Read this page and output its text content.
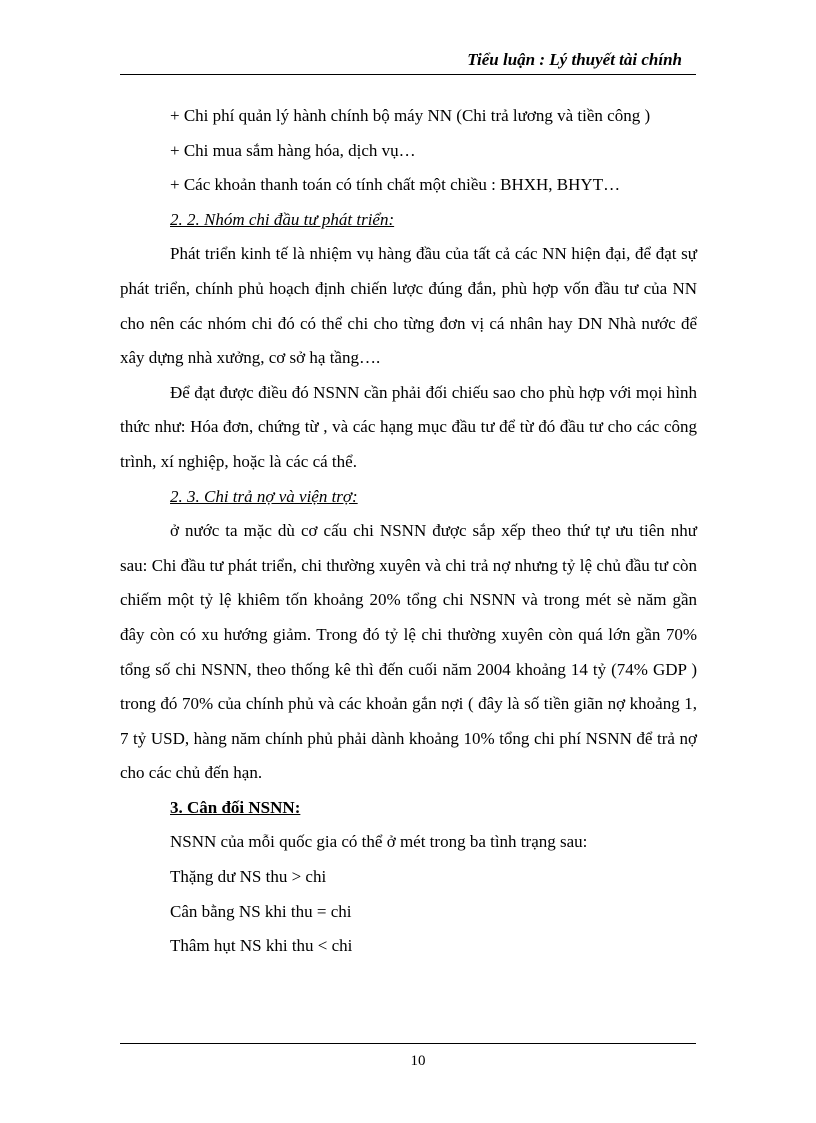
Tiểu luận : Lý thuyết tài chính

+ Chi phí quản lý hành chính bộ máy NN (Chi trả lương và tiền công )

+ Chi mua sắm hàng hóa, dịch vụ…

+ Các khoản thanh toán có tính chất một chiều : BHXH, BHYT…

2. 2. Nhóm chi đầu tư phát triển:

Phát triển kinh tế là nhiệm vụ hàng đầu của tất cả các NN hiện đại, để đạt sự phát triển, chính phủ hoạch định chiến lược đúng đắn, phù hợp vốn đầu tư của NN cho nên các nhóm chi đó có thể chi cho từng đơn vị cá nhân hay DN Nhà nước để xây dựng nhà xưởng, cơ sở hạ tầng….

Để đạt được điều đó NSNN cần phải đối chiếu sao cho phù hợp với mọi hình thức như: Hóa đơn, chứng từ , và các hạng mục đầu tư để từ đó đầu tư cho các công trình, xí nghiệp, hoặc là các cá thể.

2. 3. Chi trả nợ và viện trợ:

ở nước ta mặc dù cơ cấu chi NSNN được sắp xếp theo thứ tự ưu tiên như sau: Chi đầu tư phát triển, chi thường xuyên và chi trả nợ nhưng tỷ lệ chủ đầu tư còn chiếm một tỷ lệ khiêm tốn khoảng 20% tổng chi NSNN và trong mét sè năm gần đây còn có xu hướng giảm. Trong đó tỷ lệ chi thường xuyên còn quá lớn gần 70% tổng số chi NSNN, theo thống kê thì đến cuối năm 2004 khoảng 14 tỷ (74% GDP ) trong đó 70% của chính phủ và các khoản gắn nợi ( đây là số tiền giãn nợ khoảng 1, 7 tỷ USD, hàng năm chính phủ phải dành khoảng 10% tổng chi phí NSNN để trả nợ cho các chủ đến hạn.

3. Cân đối NSNN:

NSNN của mỗi quốc gia có thể ở mét trong ba tình trạng sau:

Thặng dư NS thu > chi

Cân bằng NS khi thu = chi

Thâm hụt NS khi thu < chi

10
